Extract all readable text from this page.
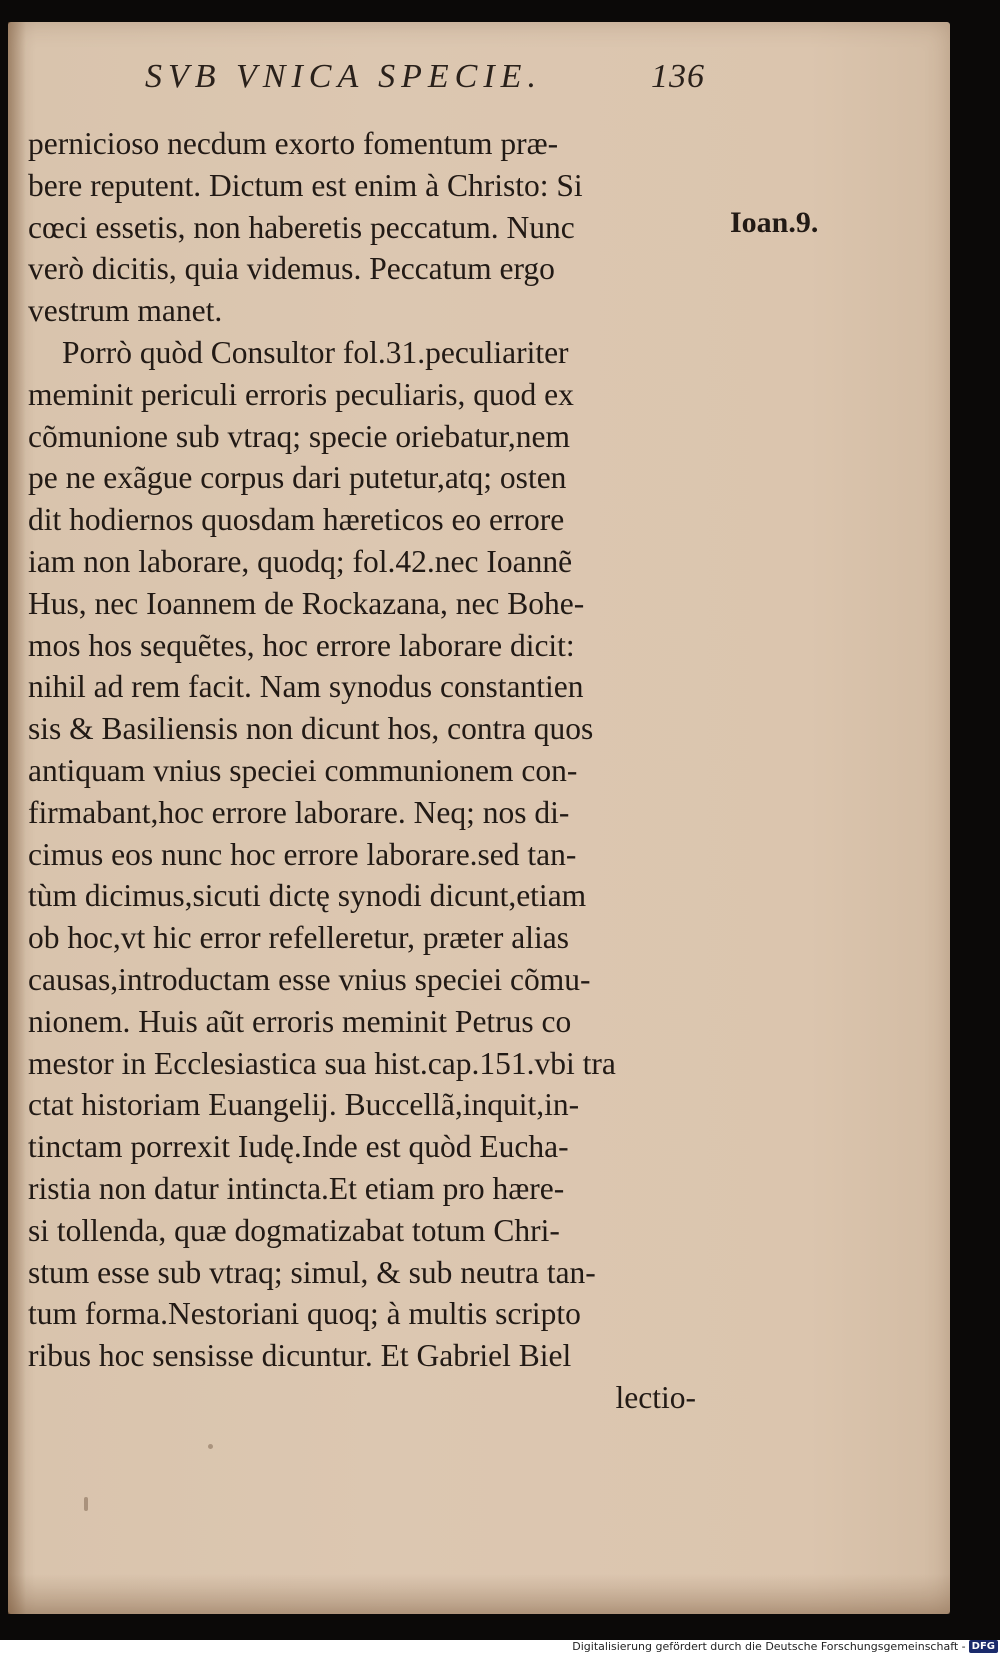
SVB VNICA SPECIE.	136
pernicioso necdum exorto fomentum præ-
bere reputent. Dictum est enim à Christo: Si
cœci essetis, non haberetis peccatum. Nunc
verò dicitis, quia videmus. Peccatum ergo
vestrum manet.
Porrò quòd Consultor fol.31.peculiariter
meminit periculi erroris peculiaris, quod ex
cõmunione sub vtraq; specie oriebatur,nem
pe ne exãgue corpus dari putetur,atq; osten
dit hodiernos quosdam hæreticos eo errore
iam non laborare, quodq; fol.42.nec Ioannẽ
Hus, nec Ioannem de Rockazana, nec Bohe-
mos hos sequẽtes, hoc errore laborare dicit:
nihil ad rem facit. Nam synodus constantien
sis & Basiliensis non dicunt hos, contra quos
antiquam vnius speciei communionem con-
firmabant,hoc errore laborare. Neq; nos di-
cimus eos nunc hoc errore laborare.sed tan-
tùm dicimus,sicuti dictę synodi dicunt,etiam
ob hoc,vt hic error refelleretur, præter alias
causas,introductam esse vnius speciei cõmu-
nionem. Huis aũt erroris meminit Petrus co
mestor in Ecclesiastica sua hist.cap.151.vbi tra
ctat historiam Euangelij. Buccellã,inquit,in-
tinctam porrexit Iudę.Inde est quòd Eucha-
ristia non datur intincta.Et etiam pro hære-
si tollenda, quæ dogmatizabat totum Chri-
stum esse sub vtraq; simul, & sub neutra tan-
tum forma.Nestoriani quoq; à multis scripto
ribus hoc sensisse dicuntur. Et Gabriel Biel
lectio-
Ioan.9.
Digitalisierung gefördert durch die Deutsche Forschungsgemeinschaft - DFG
